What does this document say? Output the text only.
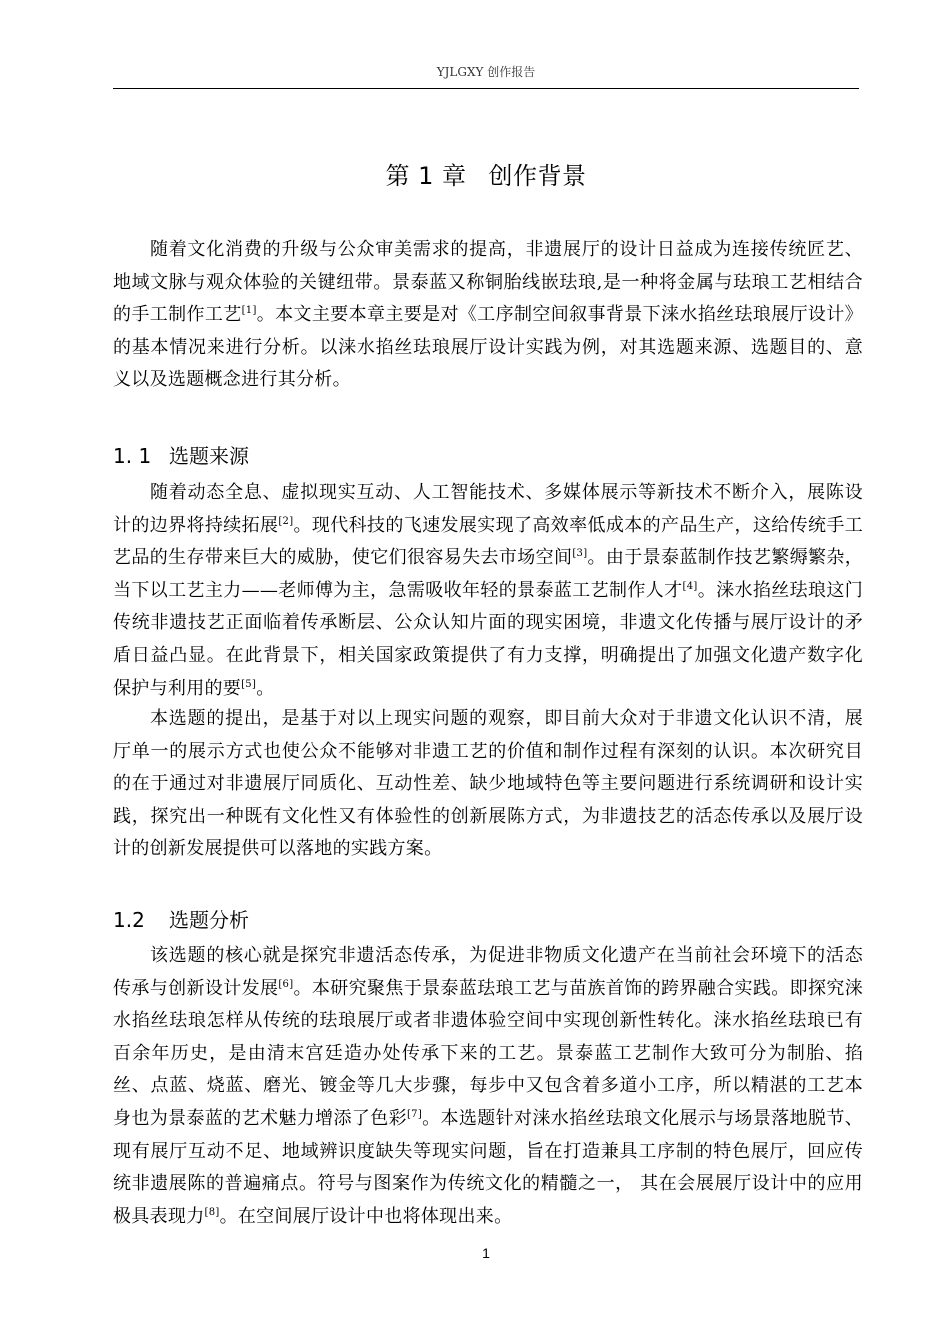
YJLGXY 创作报告
第 1 章 创作背景

随着文化消费的升级与公众审美需求的提高，非遗展厅的设计日益成为连接传统匠艺、地域文脉与观众体验的关键纽带。景泰蓝又称铜胎线嵌珐琅,是一种将金属与珐琅工艺相结合的手工制作工艺[1]。本文主要本章主要是对《工序制空间叙事背景下涞水掐丝珐琅展厅设计》的基本情况来进行分析。以涞水掐丝珐琅展厅设计实践为例，对其选题来源、选题目的、意义以及选题概念进行其分析。

1. 1 选题来源

随着动态全息、虚拟现实互动、人工智能技术、多媒体展示等新技术不断介入，展陈设计的边界将持续拓展[2]。现代科技的飞速发展实现了高效率低成本的产品生产，这给传统手工艺品的生存带来巨大的威胁，使它们很容易失去市场空间[3]。由于景泰蓝制作技艺繁缛繁杂，当下以工艺主力——老师傅为主，急需吸收年轻的景泰蓝工艺制作人才[4]。涞水掐丝珐琅这门传统非遗技艺正面临着传承断层、公众认知片面的现实困境，非遗文化传播与展厅设计的矛盾日益凸显。在此背景下，相关国家政策提供了有力支撑，明确提出了加强文化遗产数字化保护与利用的要[5]。

本选题的提出，是基于对以上现实问题的观察，即目前大众对于非遗文化认识不清，展厅单一的展示方式也使公众不能够对非遗工艺的价值和制作过程有深刻的认识。本次研究目的在于通过对非遗展厅同质化、互动性差、缺少地域特色等主要问题进行系统调研和设计实践，探究出一种既有文化性又有体验性的创新展陈方式，为非遗技艺的活态传承以及展厅设计的创新发展提供可以落地的实践方案。

1.2 选题分析

该选题的核心就是探究非遗活态传承，为促进非物质文化遗产在当前社会环境下的活态传承与创新设计发展[6]。本研究聚焦于景泰蓝珐琅工艺与苗族首饰的跨界融合实践。即探究涞水掐丝珐琅怎样从传统的珐琅展厅或者非遗体验空间中实现创新性转化。涞水掐丝珐琅已有百余年历史，是由清末宫廷造办处传承下来的工艺。景泰蓝工艺制作大致可分为制胎、掐丝、点蓝、烧蓝、磨光、镀金等几大步骤，每步中又包含着多道小工序，所以精湛的工艺本身也为景泰蓝的艺术魅力增添了色彩[7]。本选题针对涞水掐丝珐琅文化展示与场景落地脱节、现有展厅互动不足、地域辨识度缺失等现实问题，旨在打造兼具工序制的特色展厅，回应传统非遗展陈的普遍痛点。符号与图案作为传统文化的精髓之一， 其在会展展厅设计中的应用极具表现力[8]。在空间展厅设计中也将体现出来。

1
